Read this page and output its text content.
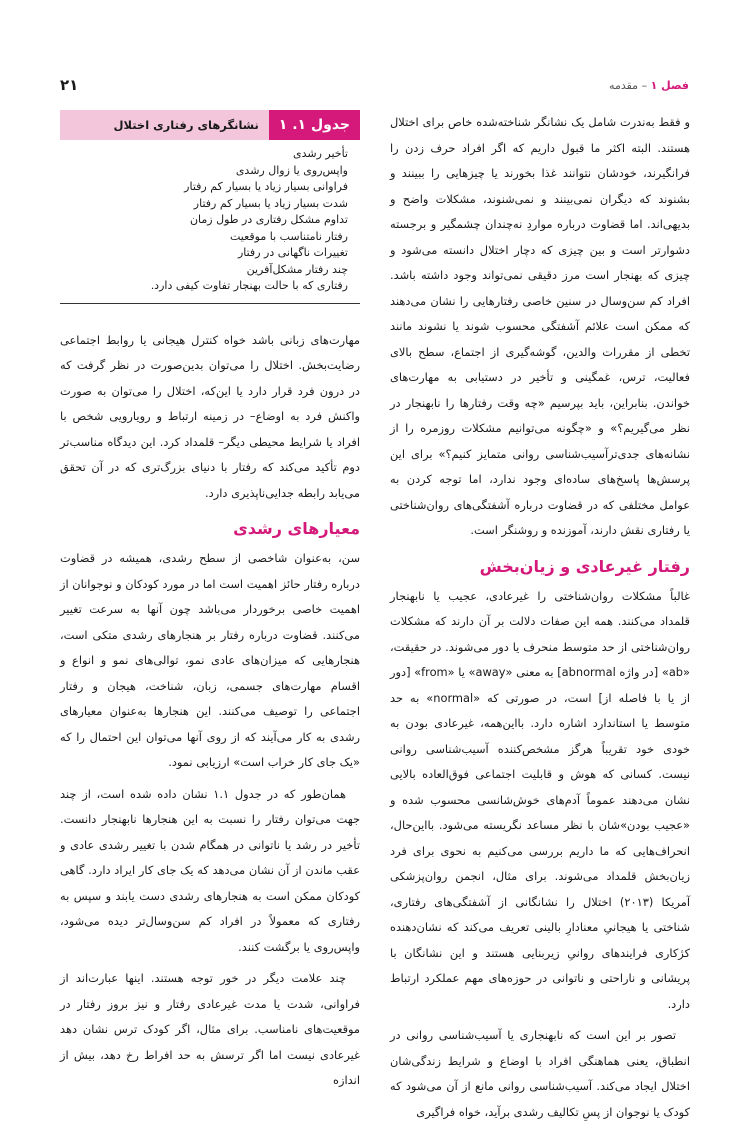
۲۱	فصل ۱ – مقدمه

و فقط به‌ندرت شامل یک نشانگر شناخته‌شده خاص برای اختلال هستند. البته اکثر ما قبول داریم که اگر افراد حرف زدن را فرانگیرند، خودشان نتوانند غذا بخورند یا چیزهایی را ببینند و بشنوند که دیگران نمی‌بینند و نمی‌شنوند، مشکلات واضح و بدیهی‌اند. اما قضاوت درباره مواردِ نه‌چندان چشمگیر و برجسته دشوارتر است و بین چیزی که دچار اختلال دانسته می‌شود و چیزی که بهنجار است مرز دقیقی نمی‌تواند وجود داشته باشد. افراد کم سن‌وسال در سنین خاصی رفتارهایی را نشان می‌دهند که ممکن است علائم آشفتگی محسوب شوند یا نشوند مانند تخطی از مقررات والدین، گوشه‌گیری از اجتماع، سطح بالای فعالیت، ترس، غمگینی و تأخیر در دستیابی به مهارت‌های خواندن. بنابراین، باید بپرسیم «چه وقت رفتارها را نابهنجار در نظر می‌گیریم؟» و «چگونه می‌توانیم مشکلات روزمره را از نشانه‌های جدی‌ترآسیب‌شناسی روانی متمایز کنیم؟» برای این پرسش‌ها پاسخ‌های ساده‌ای وجود ندارد، اما توجه کردن به عوامل مختلفی که در قضاوت درباره آشفتگی‌های روان‌شناختی یا رفتاری نقش دارند، آموزنده و روشنگر است.

رفتار غیرعادی و زیان‌بخش

غالباً مشکلات روان‌شناختی را غیرعادی، عجیب یا نابهنجار قلمداد می‌کنند. همه این صفات دلالت بر آن دارند که مشکلات روان‌شناختی از حد متوسط منحرف یا دور می‌شوند. در حقیقت، «ab» [در واژه abnormal] به معنی «away» یا «from» [دور از یا با فاصله از] است، در صورتی که «normal» به حد متوسط یا استاندارد اشاره دارد. بااین‌همه، غیرعادی بودن به خودی خود تقریباً هرگز مشخص‌کننده آسیب‌شناسی روانی نیست. کسانی که هوش و قابلیت اجتماعی فوق‌العاده بالایی نشان می‌دهند عموماً آدم‌های خوش‌شانسی محسوب شده و «عجیب بودن»شان با نظر مساعد نگریسته می‌شود. بااین‌حال، انحراف‌هایی که ما داریم بررسی می‌کنیم به نحوی برای فرد زیان‌بخش قلمداد می‌شوند. برای مثال، انجمن روان‌پزشکی آمریکا (۲۰۱۳) اختلال را نشانگانی از آشفتگی‌های رفتاری، شناختی یا هیجانیِ معنادارِ بالینی تعریف می‌کند که نشان‌دهنده کژکاری فرایندهای روانیِ زیربنایی هستند و این نشانگان با پریشانی و ناراحتی و ناتوانی در حوزه‌های مهم عملکرد ارتباط دارد.

تصور بر این است که نابهنجاری یا آسیب‌شناسی روانی در انطباق، یعنی هماهنگی افراد با اوضاع و شرایط زندگی‌شان اختلال ایجاد می‌کند. آسیب‌شناسی روانی مانع از آن می‌شود که کودک یا نوجوان از پسِ تکالیف رشدی برآید، خواه فراگیری

جدول ۱. ۱
نشانگرهای رفتاری اختلال
تأخیر رشدی
واپس‌روی یا زوال رشدی
فراوانی بسیار زیاد یا بسیار کم رفتار
شدت بسیار زیاد یا بسیار کم رفتار
تداوم مشکل رفتاری در طول زمان
رفتار نامتناسب با موقعیت
تغییرات ناگهانی در رفتار
چند رفتار مشکل‌آفرین
رفتاری که با حالت بهنجار تفاوت کیفی دارد.

مهارت‌های زبانی باشد خواه کنترل هیجانی یا روابط اجتماعی رضایت‌بخش. اختلال را می‌توان بدین‌صورت در نظر گرفت که در درون فرد قرار دارد یا این‌که، اختلال را می‌توان به صورت واکنش فرد به اوضاع– در زمینه ارتباط و رویارویی شخص با افراد یا شرایط محیطی دیگر– قلمداد کرد. این دیدگاه مناسب‌تر دوم تأکید می‌کند که رفتار با دنیای بزرگ‌تری که در آن تحقق می‌یابد رابطه جدایی‌ناپذیری دارد.

معیارهای رشدی

سن، به‌عنوان شاخصی از سطح رشدی، همیشه در قضاوت درباره رفتار حائز اهمیت است اما در مورد کودکان و نوجوانان از اهمیت خاصی برخوردار می‌باشد چون آنها به سرعت تغییر می‌کنند. قضاوت درباره رفتار بر هنجارهای رشدی متکی است، هنجارهایی که میزان‌های عادی نمو، توالی‌های نمو و انواع و اقسام مهارت‌های جسمی، زبان، شناخت، هیجان و رفتار اجتماعی را توصیف می‌کنند. این هنجارها به‌عنوان معیارهای رشدی به کار می‌آیند که از روی آنها می‌توان این احتمال را که «یک جای کار خراب است» ارزیابی نمود.

همان‌طور که در جدول ۱.۱ نشان داده شده است، از چند جهت می‌توان رفتار را نسبت به این هنجارها نابهنجار دانست. تأخیر در رشد یا ناتوانی در همگام شدن با تغییر رشدی عادی و عقب ماندن از آن نشان می‌دهد که یک جای کار ایراد دارد. گاهی کودکان ممکن است به هنجارهای رشدی دست یابند و سپس به رفتاری که معمولاً در افراد کم سن‌وسال‌تر دیده می‌شود، واپس‌روی یا برگشت کنند.

چند علامت دیگر در خور توجه هستند. اینها عبارت‌اند از فراوانی، شدت یا مدت غیرعادی رفتار و نیز بروز رفتار در موقعیت‌های نامناسب. برای مثال، اگر کودک ترس نشان دهد غیرعادی نیست اما اگر ترسش به حد افراط رخ دهد، بیش از اندازه
